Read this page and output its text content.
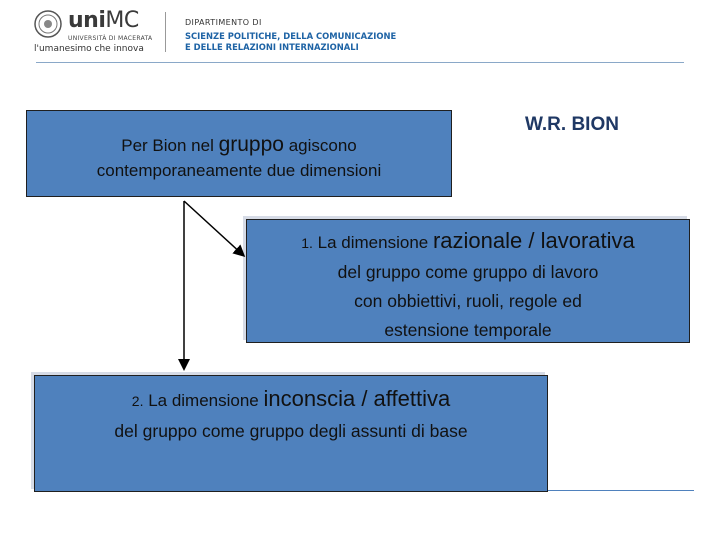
uniMC
UNIVERSITÀ DI MACERATA
l'umanesimo che innova
DIPARTIMENTO DI
SCIENZE POLITICHE, DELLA COMUNICAZIONE
E DELLE RELAZIONI INTERNAZIONALI
W.R. BION
Per Bion nel gruppo agiscono
contemporaneamente due dimensioni
1. La dimensione razionale / lavorativa
del gruppo come gruppo di lavoro
con obbiettivi, ruoli, regole ed
estensione temporale
2. La dimensione inconscia / affettiva
del gruppo come gruppo degli assunti di base
